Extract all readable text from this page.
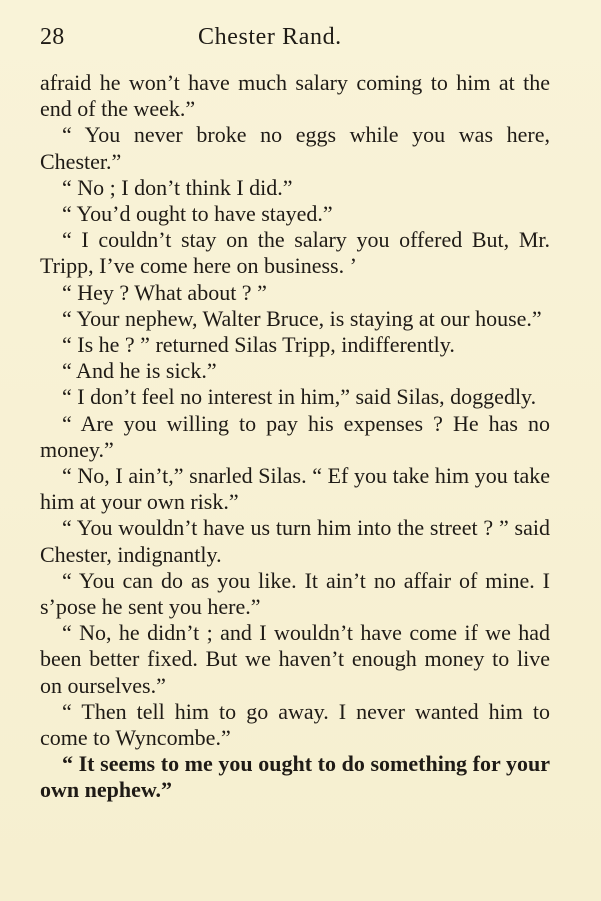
28	Chester Rand.

afraid he won’t have much salary coming to him at the end of the week.”

“ You never broke no eggs while you was here, Chester.”

“ No ; I don’t think I did.”

“ You’d ought to have stayed.”

“ I couldn’t stay on the salary you offered But, Mr. Tripp, I’ve come here on business. ’

“ Hey ? What about ? ”

“ Your nephew, Walter Bruce, is staying at our house.”

“ Is he ? ” returned Silas Tripp, indifferently.

“ And he is sick.”

“ I don’t feel no interest in him,” said Silas, doggedly.

“ Are you willing to pay his expenses ? He has no money.”

“ No, I ain’t,” snarled Silas. “ Ef you take him you take him at your own risk.”

“ You wouldn’t have us turn him into the street ? ” said Chester, indignantly.

“ You can do as you like. It ain’t no affair of mine. I s’pose he sent you here.”

“ No, he didn’t ; and I wouldn’t have come if we had been better fixed. But we haven’t enough money to live on ourselves.”

“ Then tell him to go away. I never wanted him to come to Wyncombe.”

“ It seems to me you ought to do something for your own nephew.”
